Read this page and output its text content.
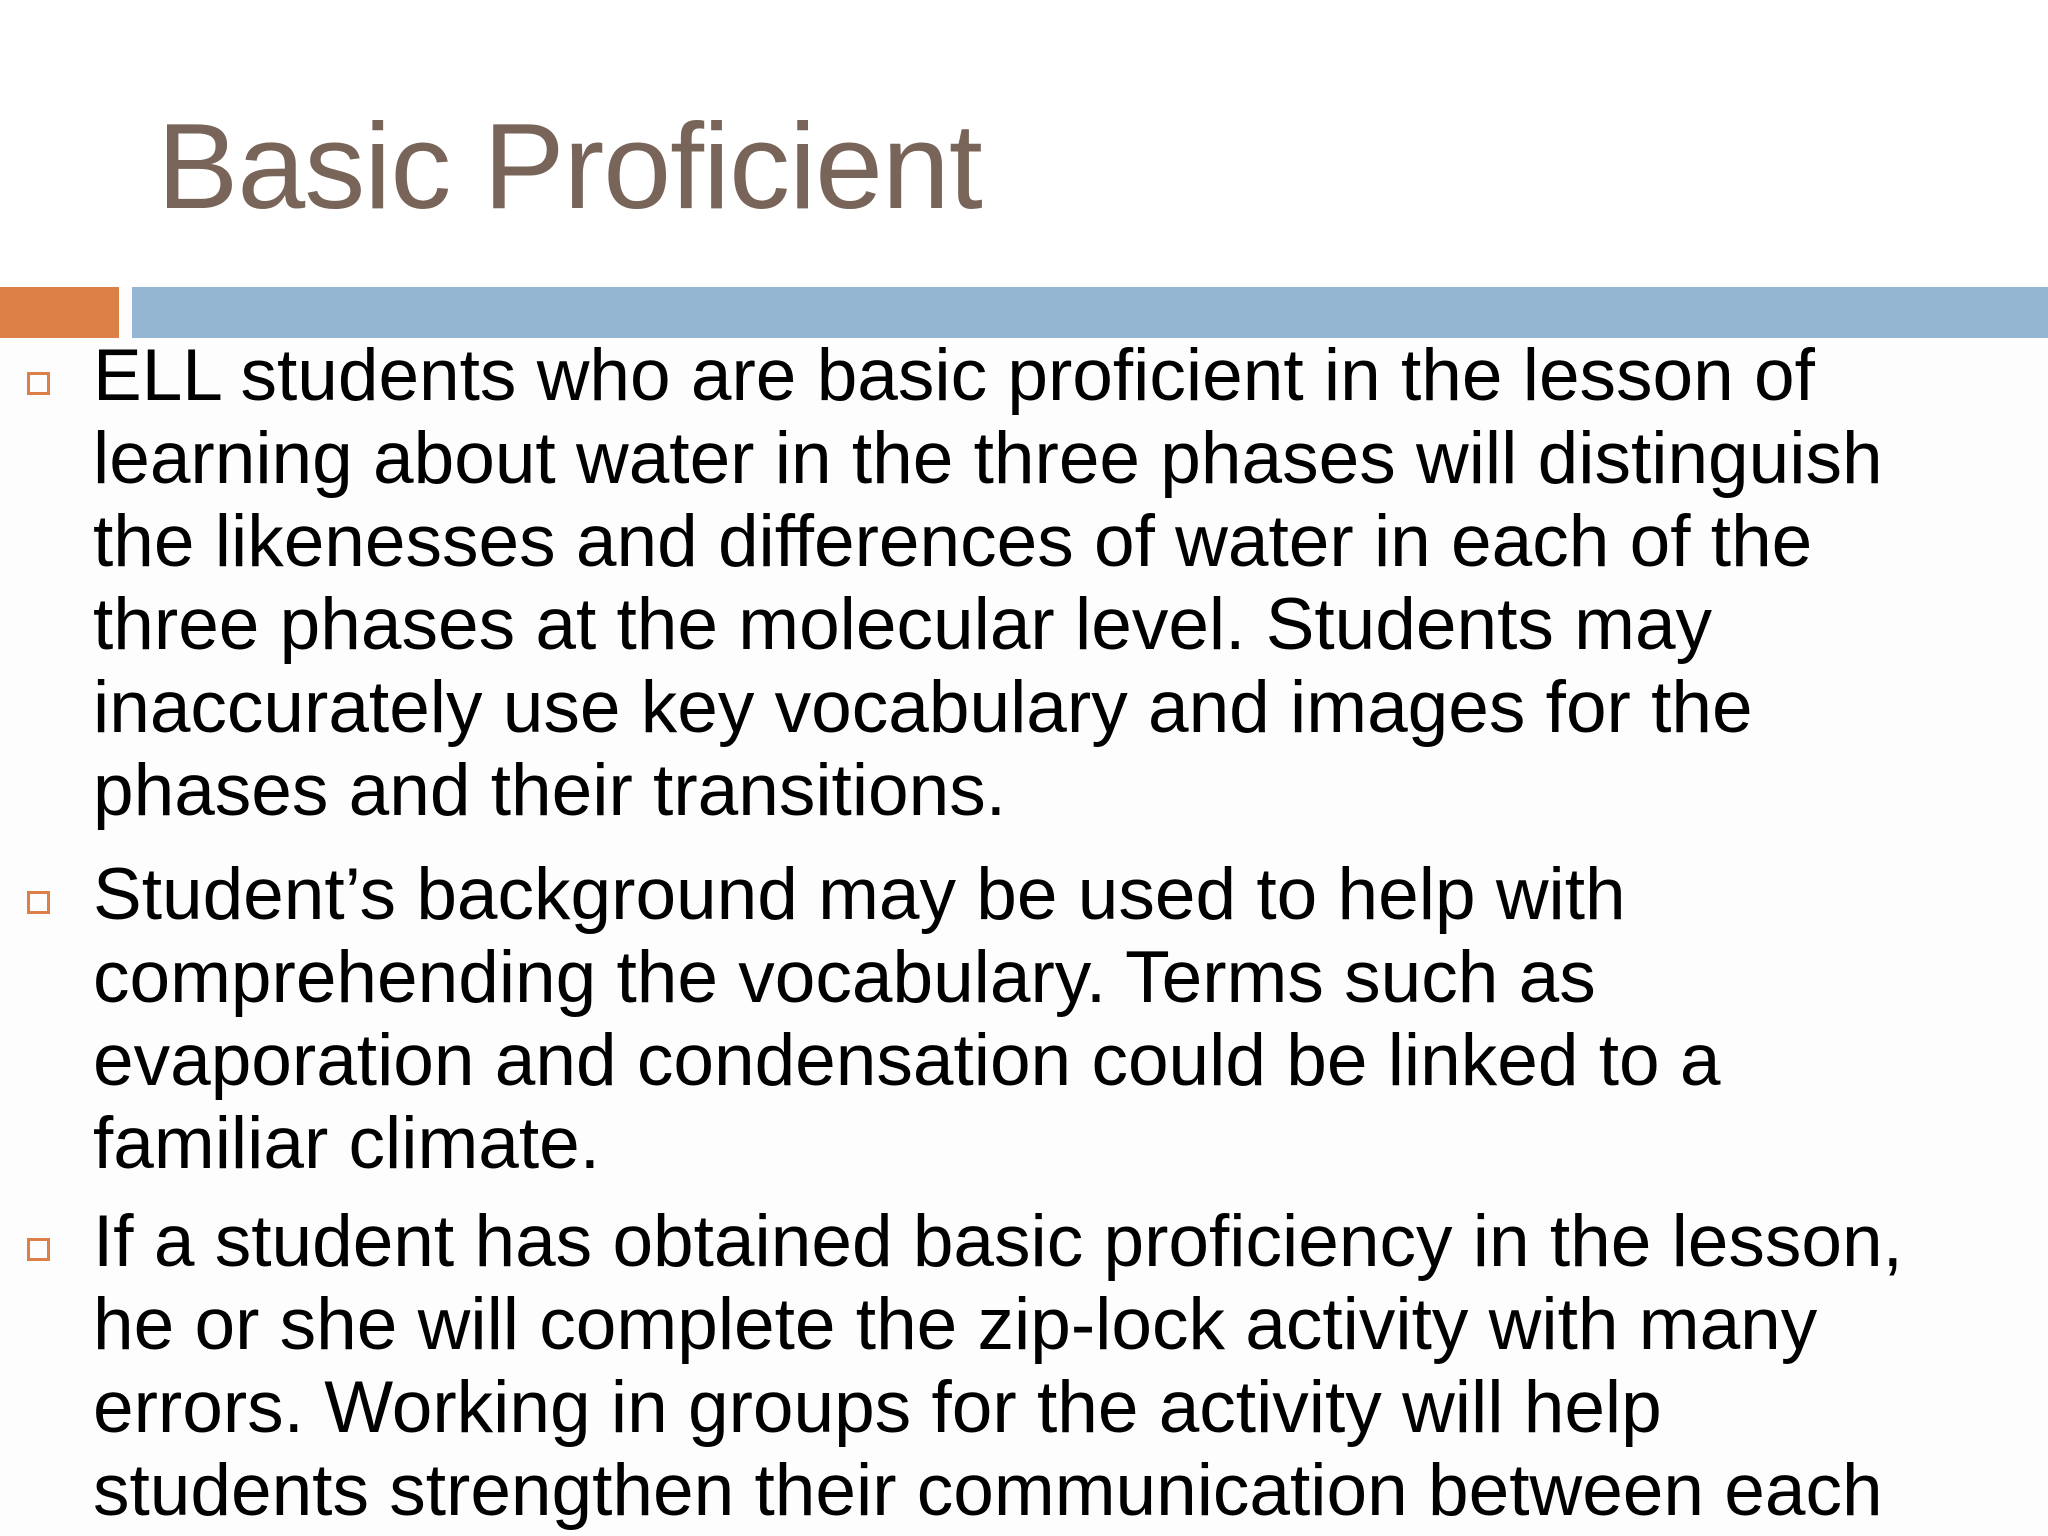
Basic Proficient

ELL students who are basic proficient in the lesson of
learning about water in the three phases will distinguish
the likenesses and differences of water in each of the
three phases at the molecular level. Students may
inaccurately use key vocabulary and images for the
phases and their transitions.

Student’s background may be used to help with
comprehending the vocabulary. Terms such as
evaporation and condensation could be linked to a
familiar climate.

If a student has obtained basic proficiency in the lesson,
he or she will complete the zip-lock activity with many
errors. Working in groups for the activity will help
students strengthen their communication between each
